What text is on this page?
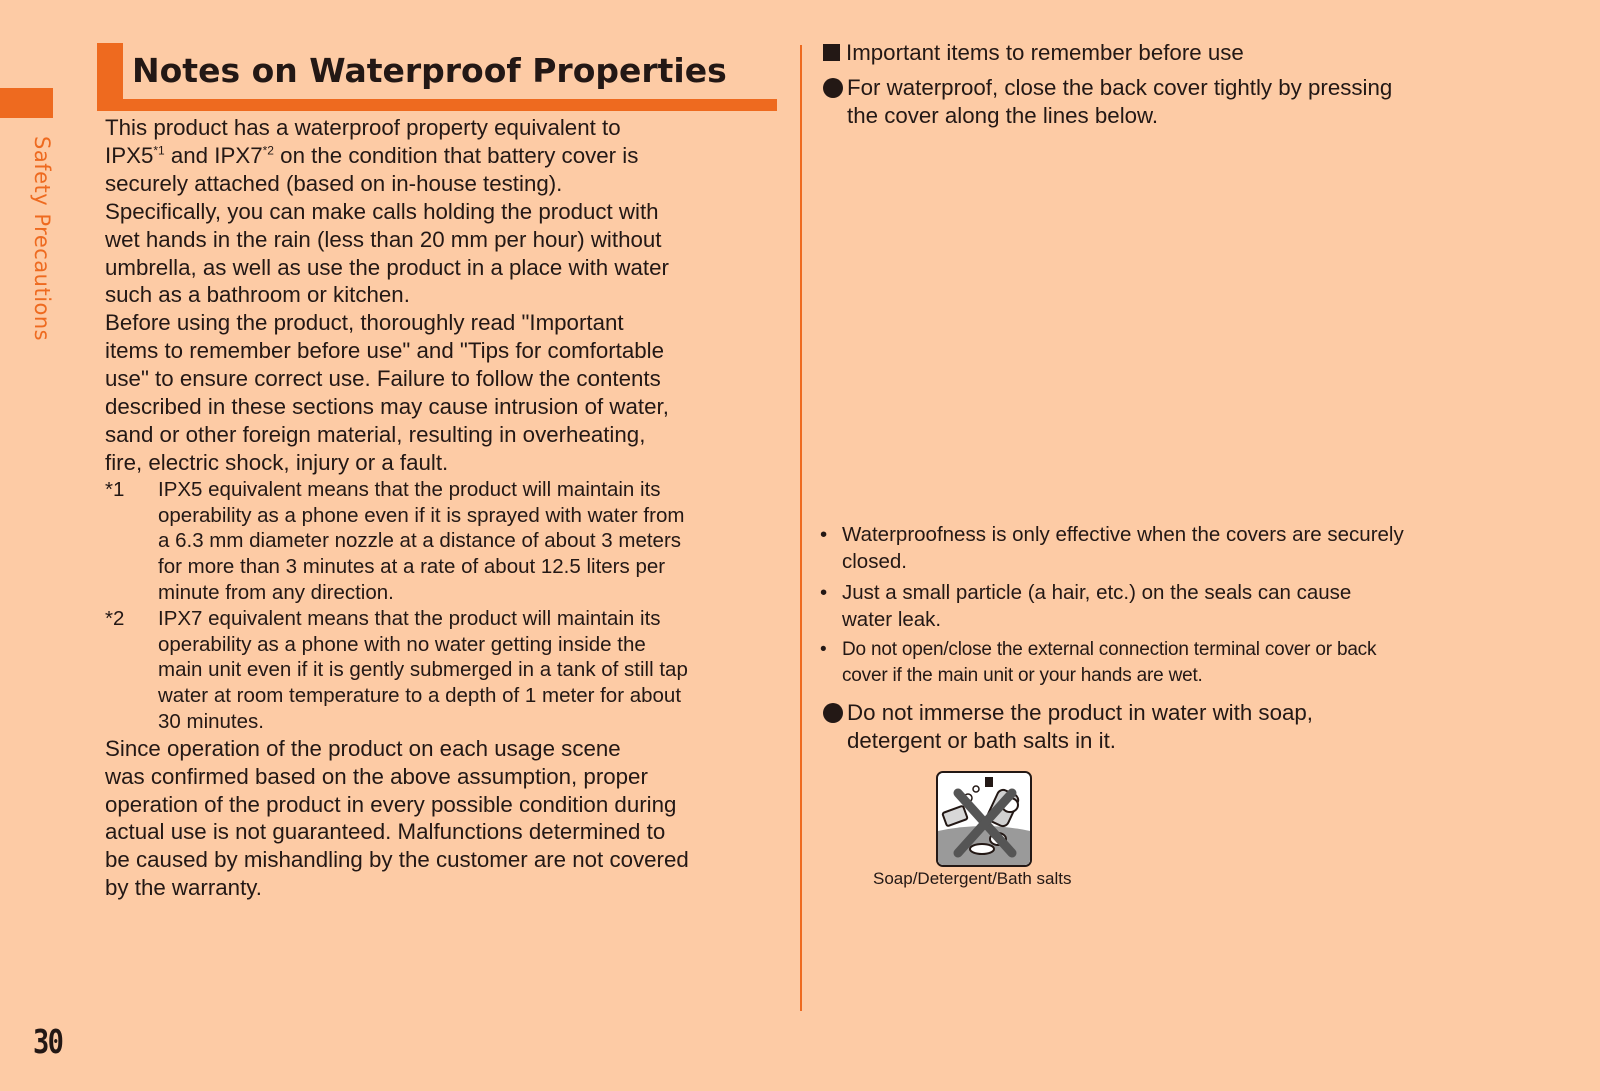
Safety Precautions
30
Notes on Waterproof Properties

This product has a waterproof property equivalent to
IPX5$^{*1}$ and IPX7$^{*2}$ on the condition that battery cover is
securely attached (based on in-house testing).
Specifically, you can make calls holding the product with
wet hands in the rain (less than 20 mm per hour) without
umbrella, as well as use the product in a place with water
such as a bathroom or kitchen.
Before using the product, thoroughly read "Important
items to remember before use" and "Tips for comfortable
use" to ensure correct use. Failure to follow the contents
described in these sections may cause intrusion of water,
sand or other foreign material, resulting in overheating,
fire, electric shock, injury or a fault.

*1	IPX5 equivalent means that the product will maintain its
operability as a phone even if it is sprayed with water from
a 6.3 mm diameter nozzle at a distance of about 3 meters
for more than 3 minutes at a rate of about 12.5 liters per
minute from any direction.
*2	IPX7 equivalent means that the product will maintain its
operability as a phone with no water getting inside the
main unit even if it is gently submerged in a tank of still tap
water at room temperature to a depth of 1 meter for about
30 minutes.

Since operation of the product on each usage scene
was confirmed based on the above assumption, proper
operation of the product in every possible condition during
actual use is not guaranteed. Malfunctions determined to
be caused by mishandling by the customer are not covered
by the warranty.

Important items to remember before use
For waterproof, close the back cover tightly by pressing
the cover along the lines below.
• Waterproofness is only effective when the covers are securely
closed.
• Just a small particle (a hair, etc.) on the seals can cause
water leak.
• Do not open/close the external connection terminal cover or back
cover if the main unit or your hands are wet.
Do not immerse the product in water with soap,
detergent or bath salts in it.
Soap/Detergent/Bath salts
